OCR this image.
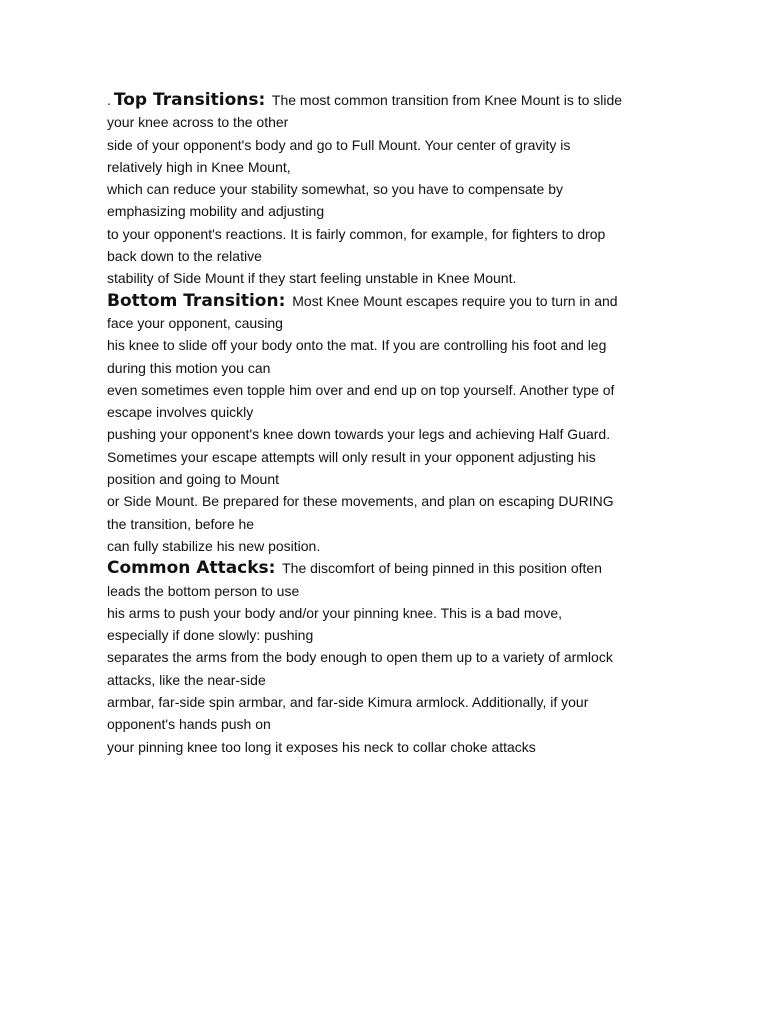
. Top Transitions: The most common transition from Knee Mount is to slide
your knee across to the other
side of your opponent's body and go to Full Mount. Your center of gravity is
relatively high in Knee Mount,
which can reduce your stability somewhat, so you have to compensate by
emphasizing mobility and adjusting
to your opponent's reactions. It is fairly common, for example, for fighters to drop
back down to the relative
stability of Side Mount if they start feeling unstable in Knee Mount.
Bottom Transition: Most Knee Mount escapes require you to turn in and
face your opponent, causing
his knee to slide off your body onto the mat. If you are controlling his foot and leg
during this motion you can
even sometimes even topple him over and end up on top yourself. Another type of
escape involves quickly
pushing your opponent's knee down towards your legs and achieving Half Guard.
Sometimes your escape attempts will only result in your opponent adjusting his
position and going to Mount
or Side Mount. Be prepared for these movements, and plan on escaping DURING
the transition, before he
can fully stabilize his new position.
Common Attacks: The discomfort of being pinned in this position often
leads the bottom person to use
his arms to push your body and/or your pinning knee. This is a bad move,
especially if done slowly: pushing
separates the arms from the body enough to open them up to a variety of armlock
attacks, like the near-side
armbar, far-side spin armbar, and far-side Kimura armlock. Additionally, if your
opponent's hands push on
your pinning knee too long it exposes his neck to collar choke attacks
